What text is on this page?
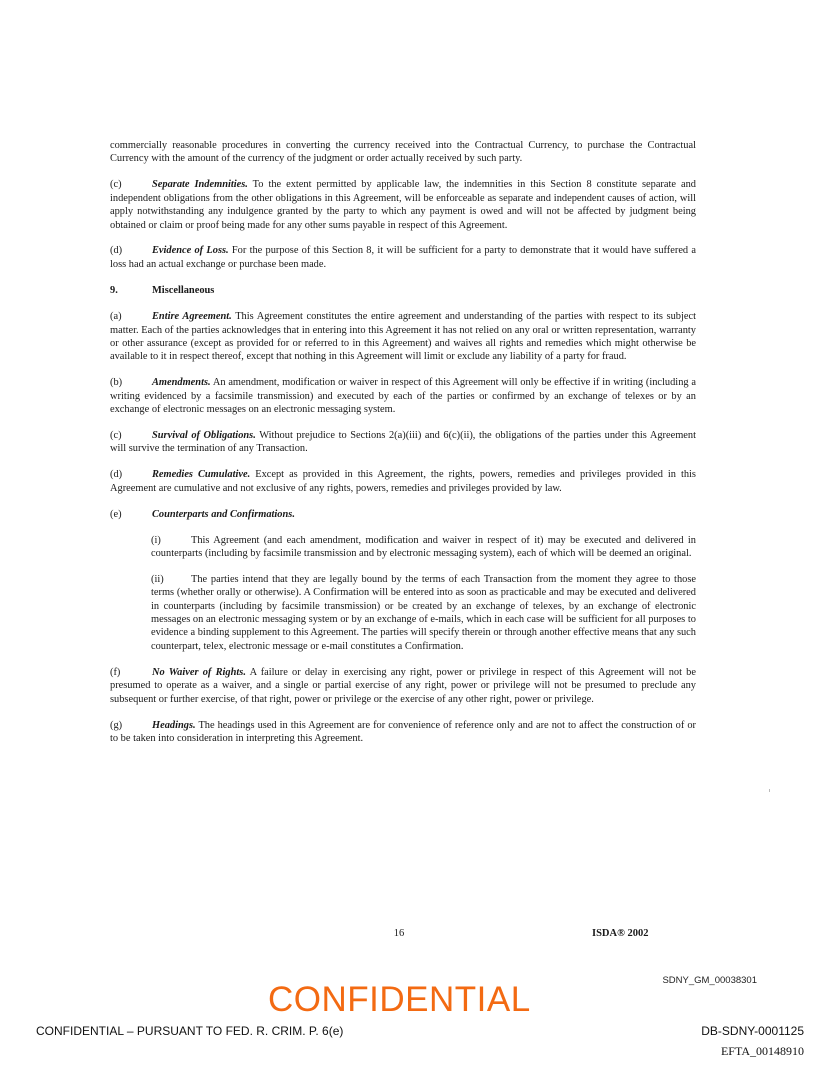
commercially reasonable procedures in converting the currency received into the Contractual Currency, to purchase the Contractual Currency with the amount of the currency of the judgment or order actually received by such party.

(c)	Separate Indemnities. To the extent permitted by applicable law, the indemnities in this Section 8 constitute separate and independent obligations from the other obligations in this Agreement, will be enforceable as separate and independent causes of action, will apply notwithstanding any indulgence granted by the party to which any payment is owed and will not be affected by judgment being obtained or claim or proof being made for any other sums payable in respect of this Agreement.

(d)	Evidence of Loss. For the purpose of this Section 8, it will be sufficient for a party to demonstrate that it would have suffered a loss had an actual exchange or purchase been made.

9.	Miscellaneous

(a)	Entire Agreement. This Agreement constitutes the entire agreement and understanding of the parties with respect to its subject matter. Each of the parties acknowledges that in entering into this Agreement it has not relied on any oral or written representation, warranty or other assurance (except as provided for or referred to in this Agreement) and waives all rights and remedies which might otherwise be available to it in respect thereof, except that nothing in this Agreement will limit or exclude any liability of a party for fraud.

(b)	Amendments. An amendment, modification or waiver in respect of this Agreement will only be effective if in writing (including a writing evidenced by a facsimile transmission) and executed by each of the parties or confirmed by an exchange of telexes or by an exchange of electronic messages on an electronic messaging system.

(c)	Survival of Obligations. Without prejudice to Sections 2(a)(iii) and 6(c)(ii), the obligations of the parties under this Agreement will survive the termination of any Transaction.

(d)	Remedies Cumulative. Except as provided in this Agreement, the rights, powers, remedies and privileges provided in this Agreement are cumulative and not exclusive of any rights, powers, remedies and privileges provided by law.

(e)	Counterparts and Confirmations.

(i)	This Agreement (and each amendment, modification and waiver in respect of it) may be executed and delivered in counterparts (including by facsimile transmission and by electronic messaging system), each of which will be deemed an original.

(ii)	The parties intend that they are legally bound by the terms of each Transaction from the moment they agree to those terms (whether orally or otherwise). A Confirmation will be entered into as soon as practicable and may be executed and delivered in counterparts (including by facsimile transmission) or be created by an exchange of telexes, by an exchange of electronic messages on an electronic messaging system or by an exchange of e-mails, which in each case will be sufficient for all purposes to evidence a binding supplement to this Agreement. The parties will specify therein or through another effective means that any such counterpart, telex, electronic message or e-mail constitutes a Confirmation.

(f)	No Waiver of Rights. A failure or delay in exercising any right, power or privilege in respect of this Agreement will not be presumed to operate as a waiver, and a single or partial exercise of any right, power or privilege will not be presumed to preclude any subsequent or further exercise, of that right, power or privilege or the exercise of any other right, power or privilege.

(g)	Headings. The headings used in this Agreement are for convenience of reference only and are not to affect the construction of or to be taken into consideration in interpreting this Agreement.

16	ISDA® 2002
SDNY_GM_00038301
CONFIDENTIAL
CONFIDENTIAL – PURSUANT TO FED. R. CRIM. P. 6(e)	DB-SDNY-0001125
EFTA_00148910
